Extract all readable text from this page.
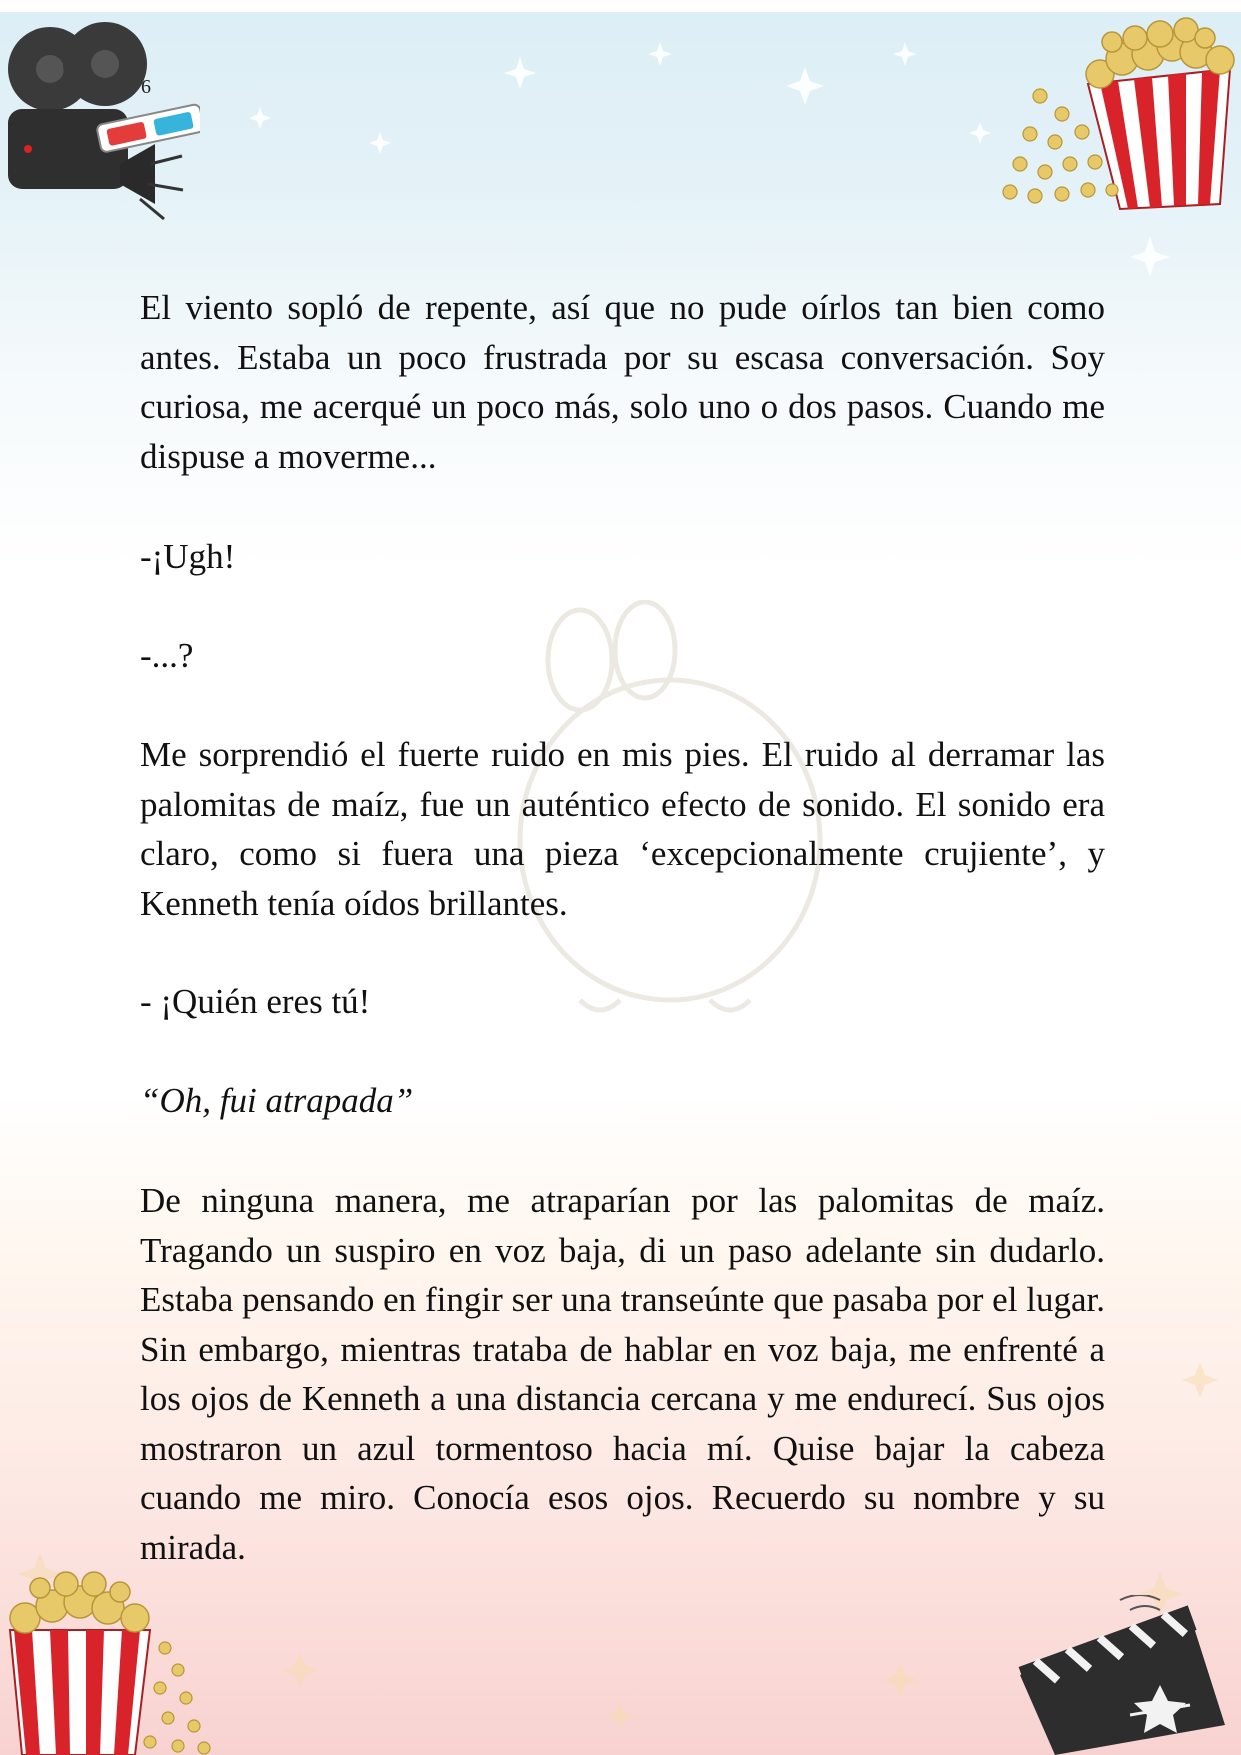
6

El viento sopló de repente, así que no pude oírlos tan bien como antes. Estaba un poco frustrada por su escasa conversación. Soy curiosa, me acerqué un poco más, solo uno o dos pasos. Cuando me dispuse a moverme...

-¡Ugh!

-...?

Me sorprendió el fuerte ruido en mis pies. El ruido al derramar las palomitas de maíz, fue un auténtico efecto de sonido. El sonido era claro, como si fuera una pieza ‘excepcionalmente crujiente’, y Kenneth tenía oídos brillantes.

- ¡Quién eres tú!

“Oh, fui atrapada”

De ninguna manera, me atraparían por las palomitas de maíz. Tragando un suspiro en voz baja, di un paso adelante sin dudarlo. Estaba pensando en fingir ser una transeúnte que pasaba por el lugar. Sin embargo, mientras trataba de hablar en voz baja, me enfrenté a los ojos de Kenneth a una distancia cercana y me endurecí. Sus ojos mostraron un azul tormentoso hacia mí. Quise bajar la cabeza cuando me miro. Conocía esos ojos. Recuerdo su nombre y su mirada.
